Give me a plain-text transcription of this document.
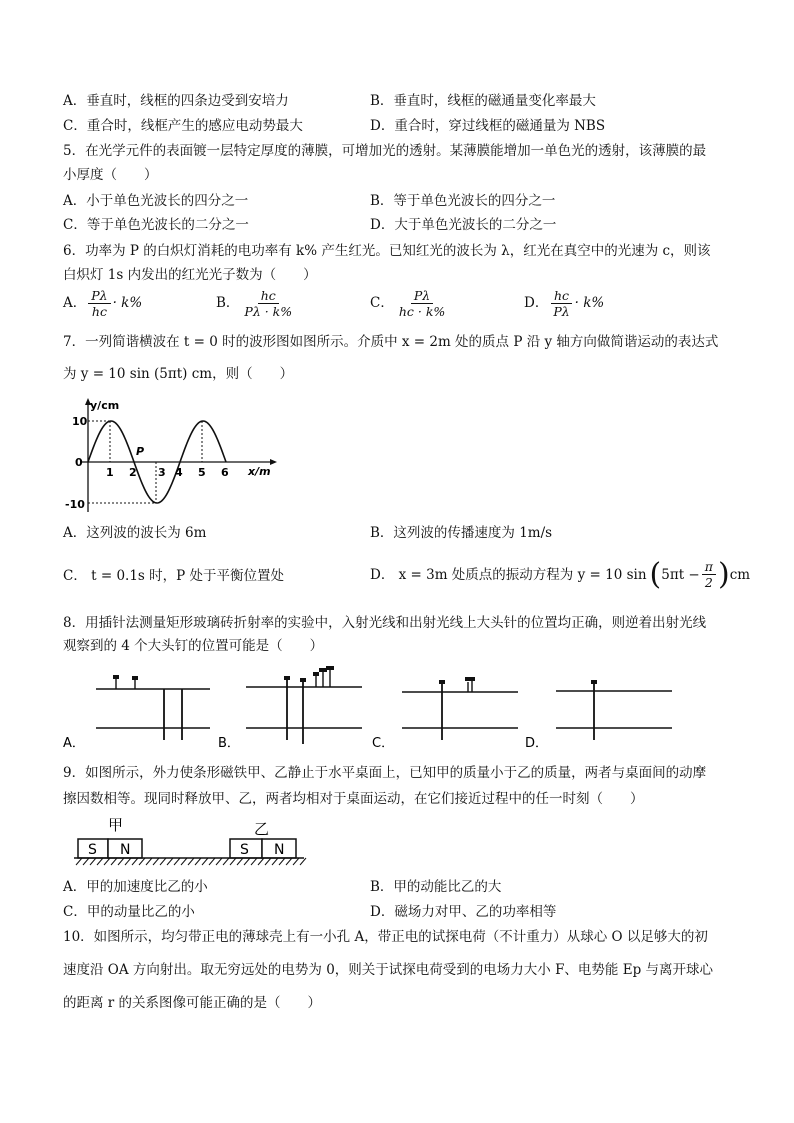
A．垂直时，线框的四条边受到安培力	B．垂直时，线框的磁通量变化率最大
C．重合时，线框产生的感应电动势最大	D．重合时，穿过线框的磁通量为 NBS
5．在光学元件的表面镀一层特定厚度的薄膜，可增加光的透射。某薄膜能增加一单色光的透射，该薄膜的最
小厚度（　　）
A．小于单色光波长的四分之一	B．等于单色光波长的四分之一
C．等于单色光波长的二分之一	D．大于单色光波长的二分之一
6．功率为 P 的白炽灯消耗的电功率有 k% 产生红光。已知红光的波长为 λ，红光在真空中的光速为 c，则该
白炽灯 1s 内发出的红光光子数为（　　）
A． $\frac{P\lambda}{hc} \cdot k\%$	B． $\frac{hc}{P\lambda \cdot k\%}$	C． $\frac{P\lambda}{hc \cdot k\%}$	D． $\frac{hc}{P\lambda} \cdot k\%$
7．一列简谐横波在 t = 0 时的波形图如图所示。介质中 x = 2m 处的质点 P 沿 y 轴方向做简谐运动的表达式
为 y = 10 sin (5πt) cm，则（　　）
y/cm
x/m
10
0
-10
1 2 3 4 5 6
P
A．这列波的波长为 6m	B．这列波的传播速度为 1m/s
C． t = 0.1s 时，P 处于平衡位置处	D． x = 3m 处质点的振动方程为 y = 10 sin ( $5\pi t - \frac{\pi}{2}$ ) cm
8．用插针法测量矩形玻璃砖折射率的实验中，入射光线和出射光线上大头针的位置均正确，则逆着出射光线
观察到的 4 个大头钉的位置可能是（　　）
A．	B．	C．	D．
9．如图所示，外力使条形磁铁甲、乙静止于水平桌面上，已知甲的质量小于乙的质量，两者与桌面间的动摩
擦因数相等。现同时释放甲、乙，两者均相对于桌面运动，在它们接近过程中的任一时刻（　　）
甲	乙
S N	S N
A．甲的加速度比乙的小	B．甲的动能比乙的大
C．甲的动量比乙的小	D．磁场力对甲、乙的功率相等
10．如图所示，均匀带正电的薄球壳上有一小孔 A，带正电的试探电荷（不计重力）从球心 O 以足够大的初
速度沿 OA 方向射出。取无穷远处的电势为 0，则关于试探电荷受到的电场力大小 F、电势能 Ep 与离开球心
的距离 r 的关系图像可能正确的是（　　）
